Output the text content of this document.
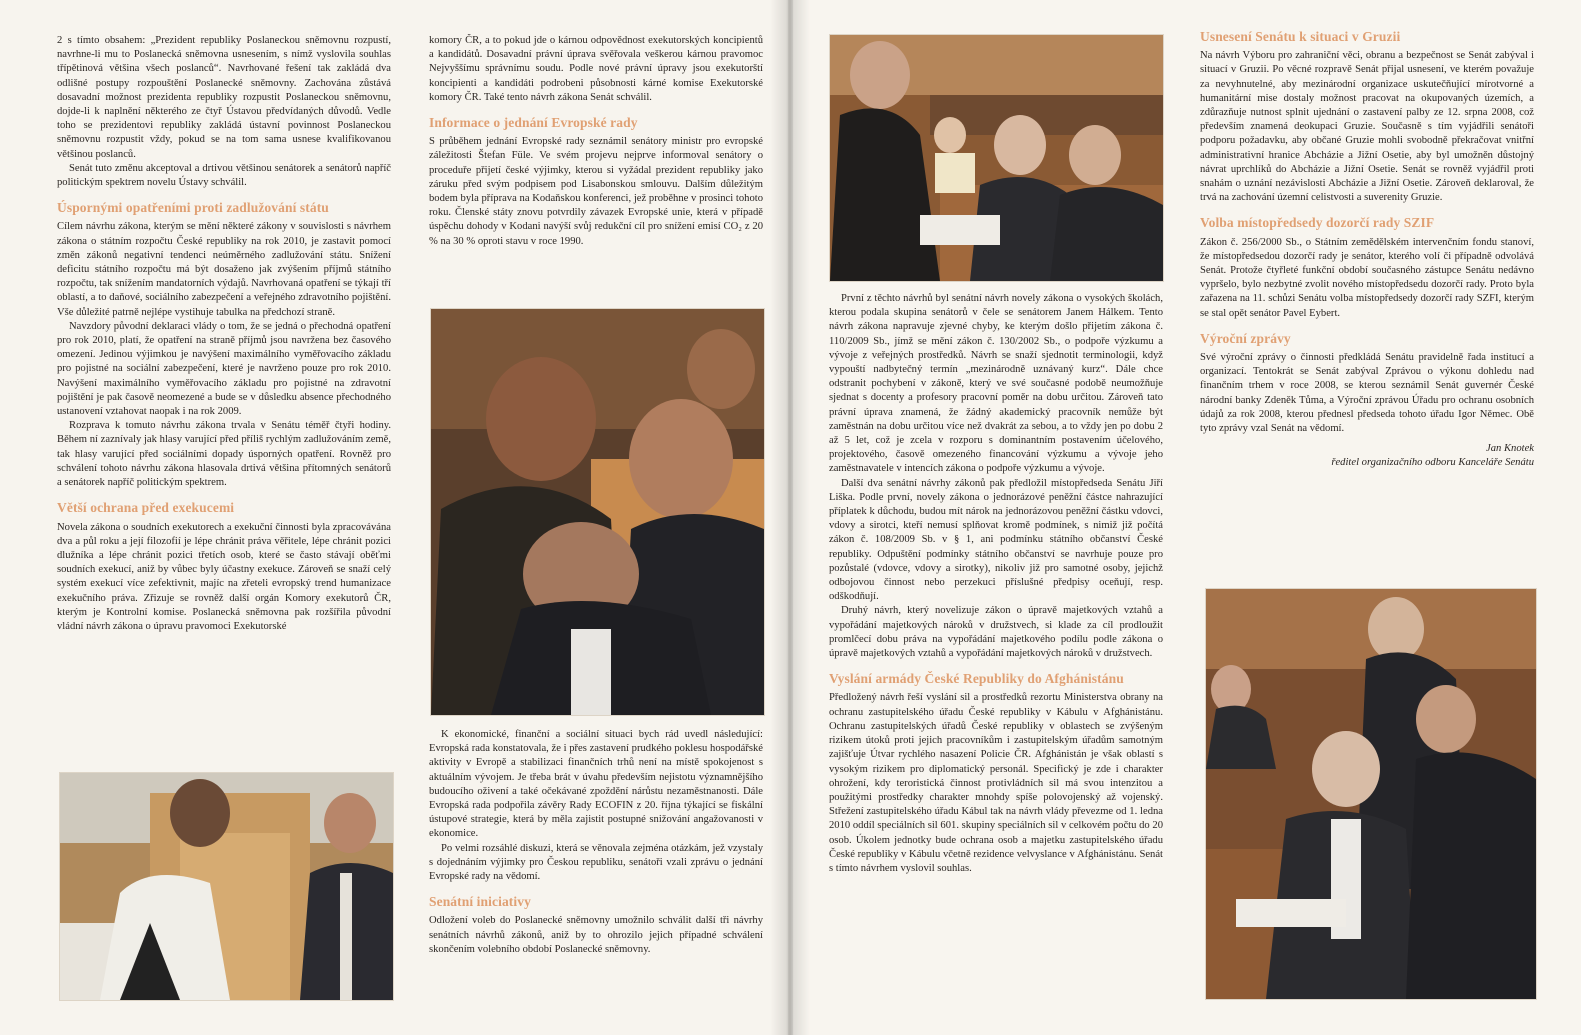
2 s tímto obsahem: „Prezident republiky Poslaneckou sněmovnu rozpustí, navrhne-li mu to Poslanecká sněmovna usnesením, s nímž vyslovila souhlas třípětinová většina všech poslanců“. Navrhované řešení tak zakládá dva odlišné postupy rozpouštění Poslanecké sněmovny. Zachována zůstává dosavadní možnost prezidenta republiky rozpustit Poslaneckou sněmovnu, dojde-li k naplnění některého ze čtyř Ústavou předvídaných důvodů. Vedle toho se prezidentovi republiky zakládá ústavní povinnost Poslaneckou sněmovnu rozpustit vždy, pokud se na tom sama usnese kvalifikovanou většinou poslanců.

Senát tuto změnu akceptoval a drtivou většinou senátorek a senátorů napříč politickým spektrem novelu Ústavy schválil.

Úspornými opatřeními proti zadlužování státu

Cílem návrhu zákona, kterým se mění některé zákony v souvislosti s návrhem zákona o státním rozpočtu České republiky na rok 2010, je zastavit pomocí změn zákonů negativní tendenci neúměrného zadlužování státu. Snížení deficitu státního rozpočtu má být dosaženo jak zvýšením příjmů státního rozpočtu, tak snížením mandatorních výdajů. Navrhovaná opatření se týkají tří oblastí, a to daňové, sociálního zabezpečení a veřejného zdravotního pojištění. Vše důležité patrně nejlépe vystihuje tabulka na předchozí straně.

Navzdory původní deklaraci vlády o tom, že se jedná o přechodná opatření pro rok 2010, platí, že opatření na straně příjmů jsou navržena bez časového omezení. Jedinou výjimkou je navýšení maximálního vyměřovacího základu pro pojistné na sociální zabezpečení, které je navrženo pouze pro rok 2010. Navýšení maximálního vyměřovacího základu pro pojistné na zdravotní pojištění je pak časově neomezené a bude se v důsledku absence přechodného ustanovení vztahovat naopak i na rok 2009.

Rozprava k tomuto návrhu zákona trvala v Senátu téměř čtyři hodiny. Během ní zaznívaly jak hlasy varující před příliš rychlým zadlužováním země, tak hlasy varující před sociálními dopady úsporných opatření. Rovněž pro schválení tohoto návrhu zákona hlasovala drtivá většina přítomných senátorů a senátorek napříč politickým spektrem.

Větší ochrana před exekucemi

Novela zákona o soudních exekutorech a exekuční činnosti byla zpracovávána dva a půl roku a její filozofií je lépe chránit práva věřitele, lépe chránit pozici dlužníka a lépe chránit pozici třetích osob, které se často stávají oběťmi soudních exekucí, aniž by vůbec byly účastny exekuce. Zároveň se snaží celý systém exekucí více zefektivnit, majíc na zřeteli evropský trend humanizace exekučního práva. Zřizuje se rovněž další orgán Komory exekutorů ČR, kterým je Kontrolní komise. Poslanecká sněmovna pak rozšířila původní vládní návrh zákona o úpravu pravomoci Exekutorské

komory ČR, a to pokud jde o kárnou odpovědnost exekutorských koncipientů a kandidátů. Dosavadní právní úprava svěřovala veškerou kárnou pravomoc Nejvyššímu správnímu soudu. Podle nové právní úpravy jsou exekutorští koncipienti a kandidáti podrobeni působnosti kárné komise Exekutorské komory ČR. Také tento návrh zákona Senát schválil.

Informace o jednání Evropské rady

S průběhem jednání Evropské rady seznámil senátory ministr pro evropské záležitosti Štefan Füle. Ve svém projevu nejprve informoval senátory o proceduře přijetí české výjimky, kterou si vyžádal prezident republiky jako záruku před svým podpisem pod Lisabonskou smlouvu. Dalším důležitým bodem byla příprava na Kodaňskou konferenci, jež proběhne v prosinci tohoto roku. Členské státy znovu potvrdily závazek Evropské unie, která v případě úspěchu dohody v Kodani navýší svůj redukční cíl pro snížení emisí CO₂ z 20 % na 30 % oproti stavu v roce 1990.

K ekonomické, finanční a sociální situaci bych rád uvedl následující: Evropská rada konstatovala, že i přes zastavení prudkého poklesu hospodářské aktivity v Evropě a stabilizaci finančních trhů není na místě spokojenost s aktuálním vývojem. Je třeba brát v úvahu především nejistotu významnějšího budoucího oživení a také očekávané zpoždění nárůstu nezaměstnanosti. Dále Evropská rada podpořila závěry Rady ECOFIN z 20. října týkající se fiskální ústupové strategie, která by měla zajistit postupné snižování angažovanosti v ekonomice.

Po velmi rozsáhlé diskuzi, která se věnovala zejména otázkám, jež vzystaly s dojednáním výjimky pro Českou republiku, senátoři vzali zprávu o jednání Evropské rady na vědomí.

Senátní iniciativy

Odložení voleb do Poslanecké sněmovny umožnilo schválit další tři návrhy senátních návrhů zákonů, aniž by to ohrozilo jejich případné schválení skončením volebního období Poslanecké sněmovny.

První z těchto návrhů byl senátní návrh novely zákona o vysokých školách, kterou podala skupina senátorů v čele se senátorem Janem Hálkem. Tento návrh zákona napravuje zjevné chyby, ke kterým došlo přijetím zákona č. 110/2009 Sb., jímž se mění zákon č. 130/2002 Sb., o podpoře výzkumu a vývoje z veřejných prostředků. Návrh se snaží sjednotit terminologii, když vypouští nadbytečný termín „mezinárodně uznávaný kurz“. Dále chce odstranit pochybení v zákoně, který ve své současné podobě neumožňuje sjednat s docenty a profesory pracovní poměr na dobu určitou. Zároveň tato právní úprava znamená, že žádný akademický pracovník nemůže být zaměstnán na dobu určitou více než dvakrát za sebou, a to vždy jen po dobu 2 až 5 let, což je zcela v rozporu s dominantním postavením účelového, projektového, časově omezeného financování výzkumu a vývoje jeho zaměstnavatele v intencích zákona o podpoře výzkumu a vývoje.

Další dva senátní návrhy zákonů pak předložil místopředseda Senátu Jiří Liška. Podle první, novely zákona o jednorázové peněžní částce nahrazující příplatek k důchodu, budou mít nárok na jednorázovou peněžní částku vdovci, vdovy a sirotci, kteří nemusí splňovat kromě podmínek, s nimiž již počítá zákon č. 108/2009 Sb. v § 1, ani podmínku státního občanství České republiky. Odpuštění podmínky státního občanství se navrhuje pouze pro pozůstalé (vdovce, vdovy a sirotky), nikoliv již pro samotné osoby, jejichž odbojovou činnost nebo perzekuci příslušné předpisy oceňují, resp. odškodňují.

Druhý návrh, který novelizuje zákon o úpravě majetkových vztahů a vypořádání majetkových nároků v družstvech, si klade za cíl prodloužit promlčecí dobu práva na vypořádání majetkového podílu podle zákona o úpravě majetkových vztahů a vypořádání majetkových nároků v družstvech.

Vyslání armády České Republiky do Afghánistánu

Předložený návrh řeší vyslání sil a prostředků rezortu Ministerstva obrany na ochranu zastupitelského úřadu České republiky v Kábulu v Afghánistánu. Ochranu zastupitelských úřadů České republiky v oblastech se zvýšeným rizikem útoků proti jejich pracovníkům i zastupitelským úřadům samotným zajišťuje Útvar rychlého nasazení Policie ČR. Afghánistán je však oblastí s vysokým rizikem pro diplomatický personál. Specifický je zde i charakter ohrožení, kdy teroristická činnost protivládních sil má svou intenzitou a použitými prostředky charakter mnohdy spíše polovojenský až vojenský. Střežení zastupitelského úřadu Kábul tak na návrh vlády převezme od 1. ledna 2010 oddíl speciálních sil 601. skupiny speciálních sil v celkovém počtu do 20 osob. Úkolem jednotky bude ochrana osob a majetku zastupitelského úřadu České republiky v Kábulu včetně rezidence velvyslance v Afghánistánu. Senát s tímto návrhem vyslovil souhlas.

Usnesení Senátu k situaci v Gruzii

Na návrh Výboru pro zahraniční věci, obranu a bezpečnost se Senát zabýval i situací v Gruzii. Po věcné rozpravě Senát přijal usnesení, ve kterém považuje za nevyhnutelné, aby mezinárodní organizace uskutečňující mírotvorné a humanitární mise dostaly možnost pracovat na okupovaných územích, a zdůrazňuje nutnost splnit ujednání o zastavení palby ze 12. srpna 2008, což především znamená deokupaci Gruzie. Současně s tím vyjádřili senátoři podporu požadavku, aby občané Gruzie mohli svobodně překračovat vnitřní administrativní hranice Abcházie a Jižní Osetie, aby byl umožněn důstojný návrat uprchlíků do Abcházie a Jižní Osetie. Senát se rovněž vyjádřil proti snahám o uznání nezávislosti Abcházie a Jižní Osetie. Zároveň deklaroval, že trvá na zachování územní celistvosti a suverenity Gruzie.

Volba místopředsedy dozorčí rady SZIF

Zákon č. 256/2000 Sb., o Státním zemědělském intervenčním fondu stanoví, že místopředsedou dozorčí rady je senátor, kterého volí či případně odvolává Senát. Protože čtyřleté funkční období současného zástupce Senátu nedávno vypršelo, bylo nezbytné zvolit nového místopředsedu dozorčí rady. Proto byla zařazena na 11. schůzi Senátu volba místopředsedy dozorčí rady SZFI, kterým se stal opět senátor Pavel Eybert.

Výroční zprávy

Své výroční zprávy o činnosti předkládá Senátu pravidelně řada institucí a organizací. Tentokrát se Senát zabýval Zprávou o výkonu dohledu nad finančním trhem v roce 2008, se kterou seznámil Senát guvernér České národní banky Zdeněk Tůma, a Výroční zprávou Úřadu pro ochranu osobních údajů za rok 2008, kterou přednesl předseda tohoto úřadu Igor Němec. Obě tyto zprávy vzal Senát na vědomí.

Jan Knotek
ředitel organizačního odboru Kanceláře Senátu
